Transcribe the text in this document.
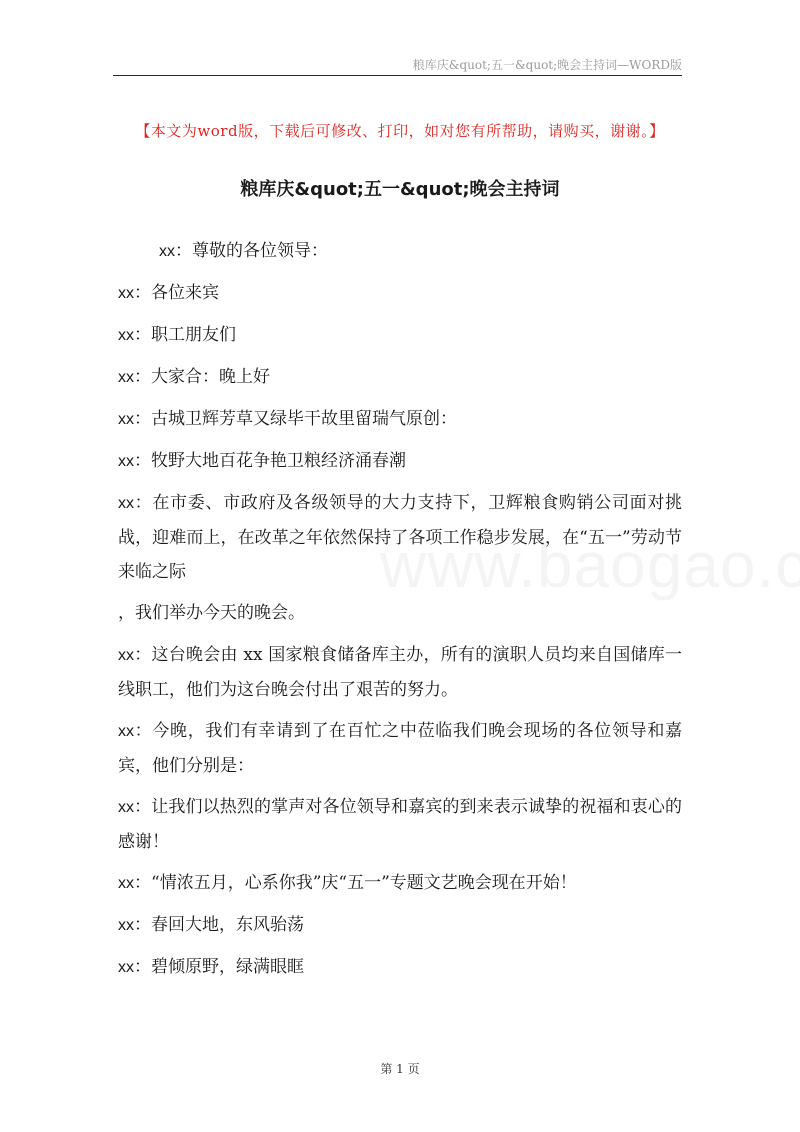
粮库庆&quot;五一&quot;晚会主持词—WORD版
【本文为word版，下载后可修改、打印，如对您有所帮助，请购买，谢谢。】
粮库庆&quot;五一&quot;晚会主持词

xx：尊敬的各位领导：

xx：各位来宾

xx：职工朋友们

xx：大家合：晚上好

xx：古城卫辉芳草又绿毕干故里留瑞气原创：

xx：牧野大地百花争艳卫粮经济涌春潮

xx：在市委、市政府及各级领导的大力支持下，卫辉粮食购销公司面对挑战，迎难而上，在改革之年依然保持了各项工作稳步发展，在“五一”劳动节来临之际

，我们举办今天的晚会。

xx：这台晚会由 xx 国家粮食储备库主办，所有的演职人员均来自国储库一线职工，他们为这台晚会付出了艰苦的努力。

xx：今晚，我们有幸请到了在百忙之中莅临我们晚会现场的各位领导和嘉宾，他们分别是：

xx：让我们以热烈的掌声对各位领导和嘉宾的到来表示诚挚的祝福和衷心的感谢！

xx：“情浓五月，心系你我”庆“五一”专题文艺晚会现在开始！

xx：春回大地，东风骀荡

xx：碧倾原野，绿满眼眶

第 1 页
